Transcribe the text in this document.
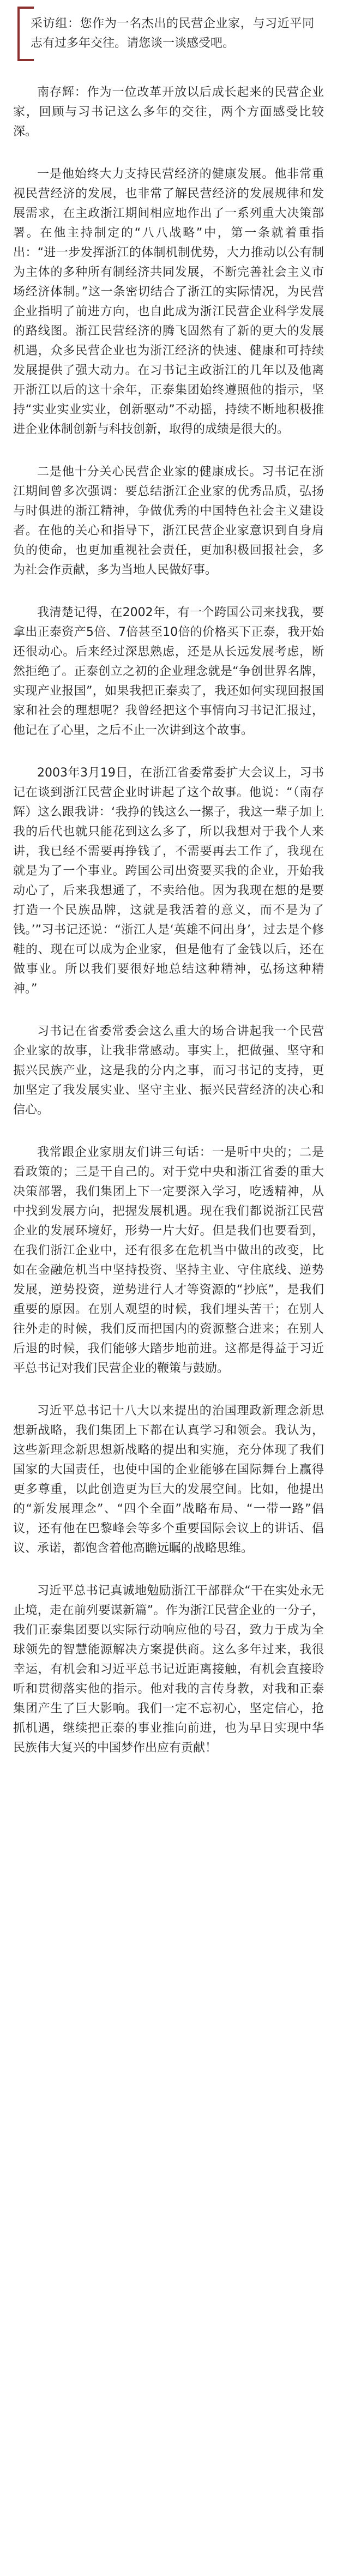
采访组：您作为一名杰出的民营企业家，与习近平同志有过多年交往。请您谈一谈感受吧。

南存辉：作为一位改革开放以后成长起来的民营企业家，回顾与习书记这么多年的交往，两个方面感受比较深。

一是他始终大力支持民营经济的健康发展。他非常重视民营经济的发展，也非常了解民营经济的发展规律和发展需求，在主政浙江期间相应地作出了一系列重大决策部署。在他主持制定的“八八战略”中，第一条就着重指出：“进一步发挥浙江的体制机制优势，大力推动以公有制为主体的多种所有制经济共同发展，不断完善社会主义市场经济体制。”这一条密切结合了浙江的实际情况，为民营企业指明了前进方向，也自此成为浙江民营企业科学发展的路线图。浙江民营经济的腾飞固然有了新的更大的发展机遇，众多民营企业也为浙江经济的快速、健康和可持续发展提供了强大动力。在习书记主政浙江的几年以及他离开浙江以后的这十余年，正泰集团始终遵照他的指示，坚持“实业实业实业，创新驱动”不动摇，持续不断地积极推进企业体制创新与科技创新，取得的成绩是很大的。

二是他十分关心民营企业家的健康成长。习书记在浙江期间曾多次强调：要总结浙江企业家的优秀品质，弘扬与时俱进的浙江精神，争做优秀的中国特色社会主义建设者。在他的关心和指导下，浙江民营企业家意识到自身肩负的使命，也更加重视社会责任，更加积极回报社会，多为社会作贡献，多为当地人民做好事。

我清楚记得，在2002年，有一个跨国公司来找我，要拿出正泰资产5倍、7倍甚至10倍的价格买下正泰，我开始还很动心。后来经过深思熟虑，还是从长远发展考虑，断然拒绝了。正泰创立之初的企业理念就是“争创世界名牌，实现产业报国”，如果我把正泰卖了，我还如何实现回报国家和社会的理想呢？我曾经把这个事情向习书记汇报过，他记在了心里，之后不止一次讲到这个故事。

2003年3月19日，在浙江省委常委扩大会议上，习书记在谈到浙江民营企业时讲起了这个故事。他说：“（南存辉）这么跟我讲：‘我挣的钱这么一摞子，我这一辈子加上我的后代也就只能花到这么多了，所以我想对于我个人来讲，我已经不需要再挣钱了，不需要再去工作了，我现在就是为了一个事业。跨国公司出资要买我的企业，开始我动心了，后来我想通了，不卖给他。因为我现在想的是要打造一个民族品牌，这就是我活着的意义，而不是为了钱。’”习书记还说：“浙江人是‘英雄不问出身’，过去是个修鞋的、现在可以成为企业家，但是他有了金钱以后，还在做事业。所以我们要很好地总结这种精神，弘扬这种精神。”

习书记在省委常委会这么重大的场合讲起我一个民营企业家的故事，让我非常感动。事实上，把做强、坚守和振兴民族产业，这是我的分内之事，而习书记的支持，更加坚定了我发展实业、坚守主业、振兴民营经济的决心和信心。

我常跟企业家朋友们讲三句话：一是听中央的；二是看政策的；三是干自己的。对于党中央和浙江省委的重大决策部署，我们集团上下一定要深入学习，吃透精神，从中找到发展方向，把握发展机遇。现在我们都说浙江民营企业的发展环境好，形势一片大好。但是我们也要看到，在我们浙江企业中，还有很多在危机当中做出的改变，比如在金融危机当中坚持投资、坚持主业、守住底线、逆势发展，逆势投资，逆势进行人才等资源的“抄底”，是我们重要的原因。在别人观望的时候，我们埋头苦干；在别人往外走的时候，我们反而把国内的资源整合进来；在别人后退的时候，我们能够大踏步地前进。这都是得益于习近平总书记对我们民营企业的鞭策与鼓励。

习近平总书记十八大以来提出的治国理政新理念新思想新战略，我们集团上下都在认真学习和领会。我认为，这些新理念新思想新战略的提出和实施，充分体现了我们国家的大国责任，也使中国的企业能够在国际舞台上赢得更多尊重，以此创造更为巨大的发展空间。比如，他提出的“新发展理念”、“四个全面”战略布局、“一带一路”倡议，还有他在巴黎峰会等多个重要国际会议上的讲话、倡议、承诺，都饱含着他高瞻远瞩的战略思维。

习近平总书记真诚地勉励浙江干部群众“干在实处永无止境，走在前列要谋新篇”。作为浙江民营企业的一分子，我们正泰集团要以实际行动响应他的号召，致力于成为全球领先的智慧能源解决方案提供商。这么多年过来，我很幸运，有机会和习近平总书记近距离接触，有机会直接聆听和贯彻落实他的指示。他对我的言传身教，对我和正泰集团产生了巨大影响。我们一定不忘初心，坚定信心，抢抓机遇，继续把正泰的事业推向前进，也为早日实现中华民族伟大复兴的中国梦作出应有贡献！
